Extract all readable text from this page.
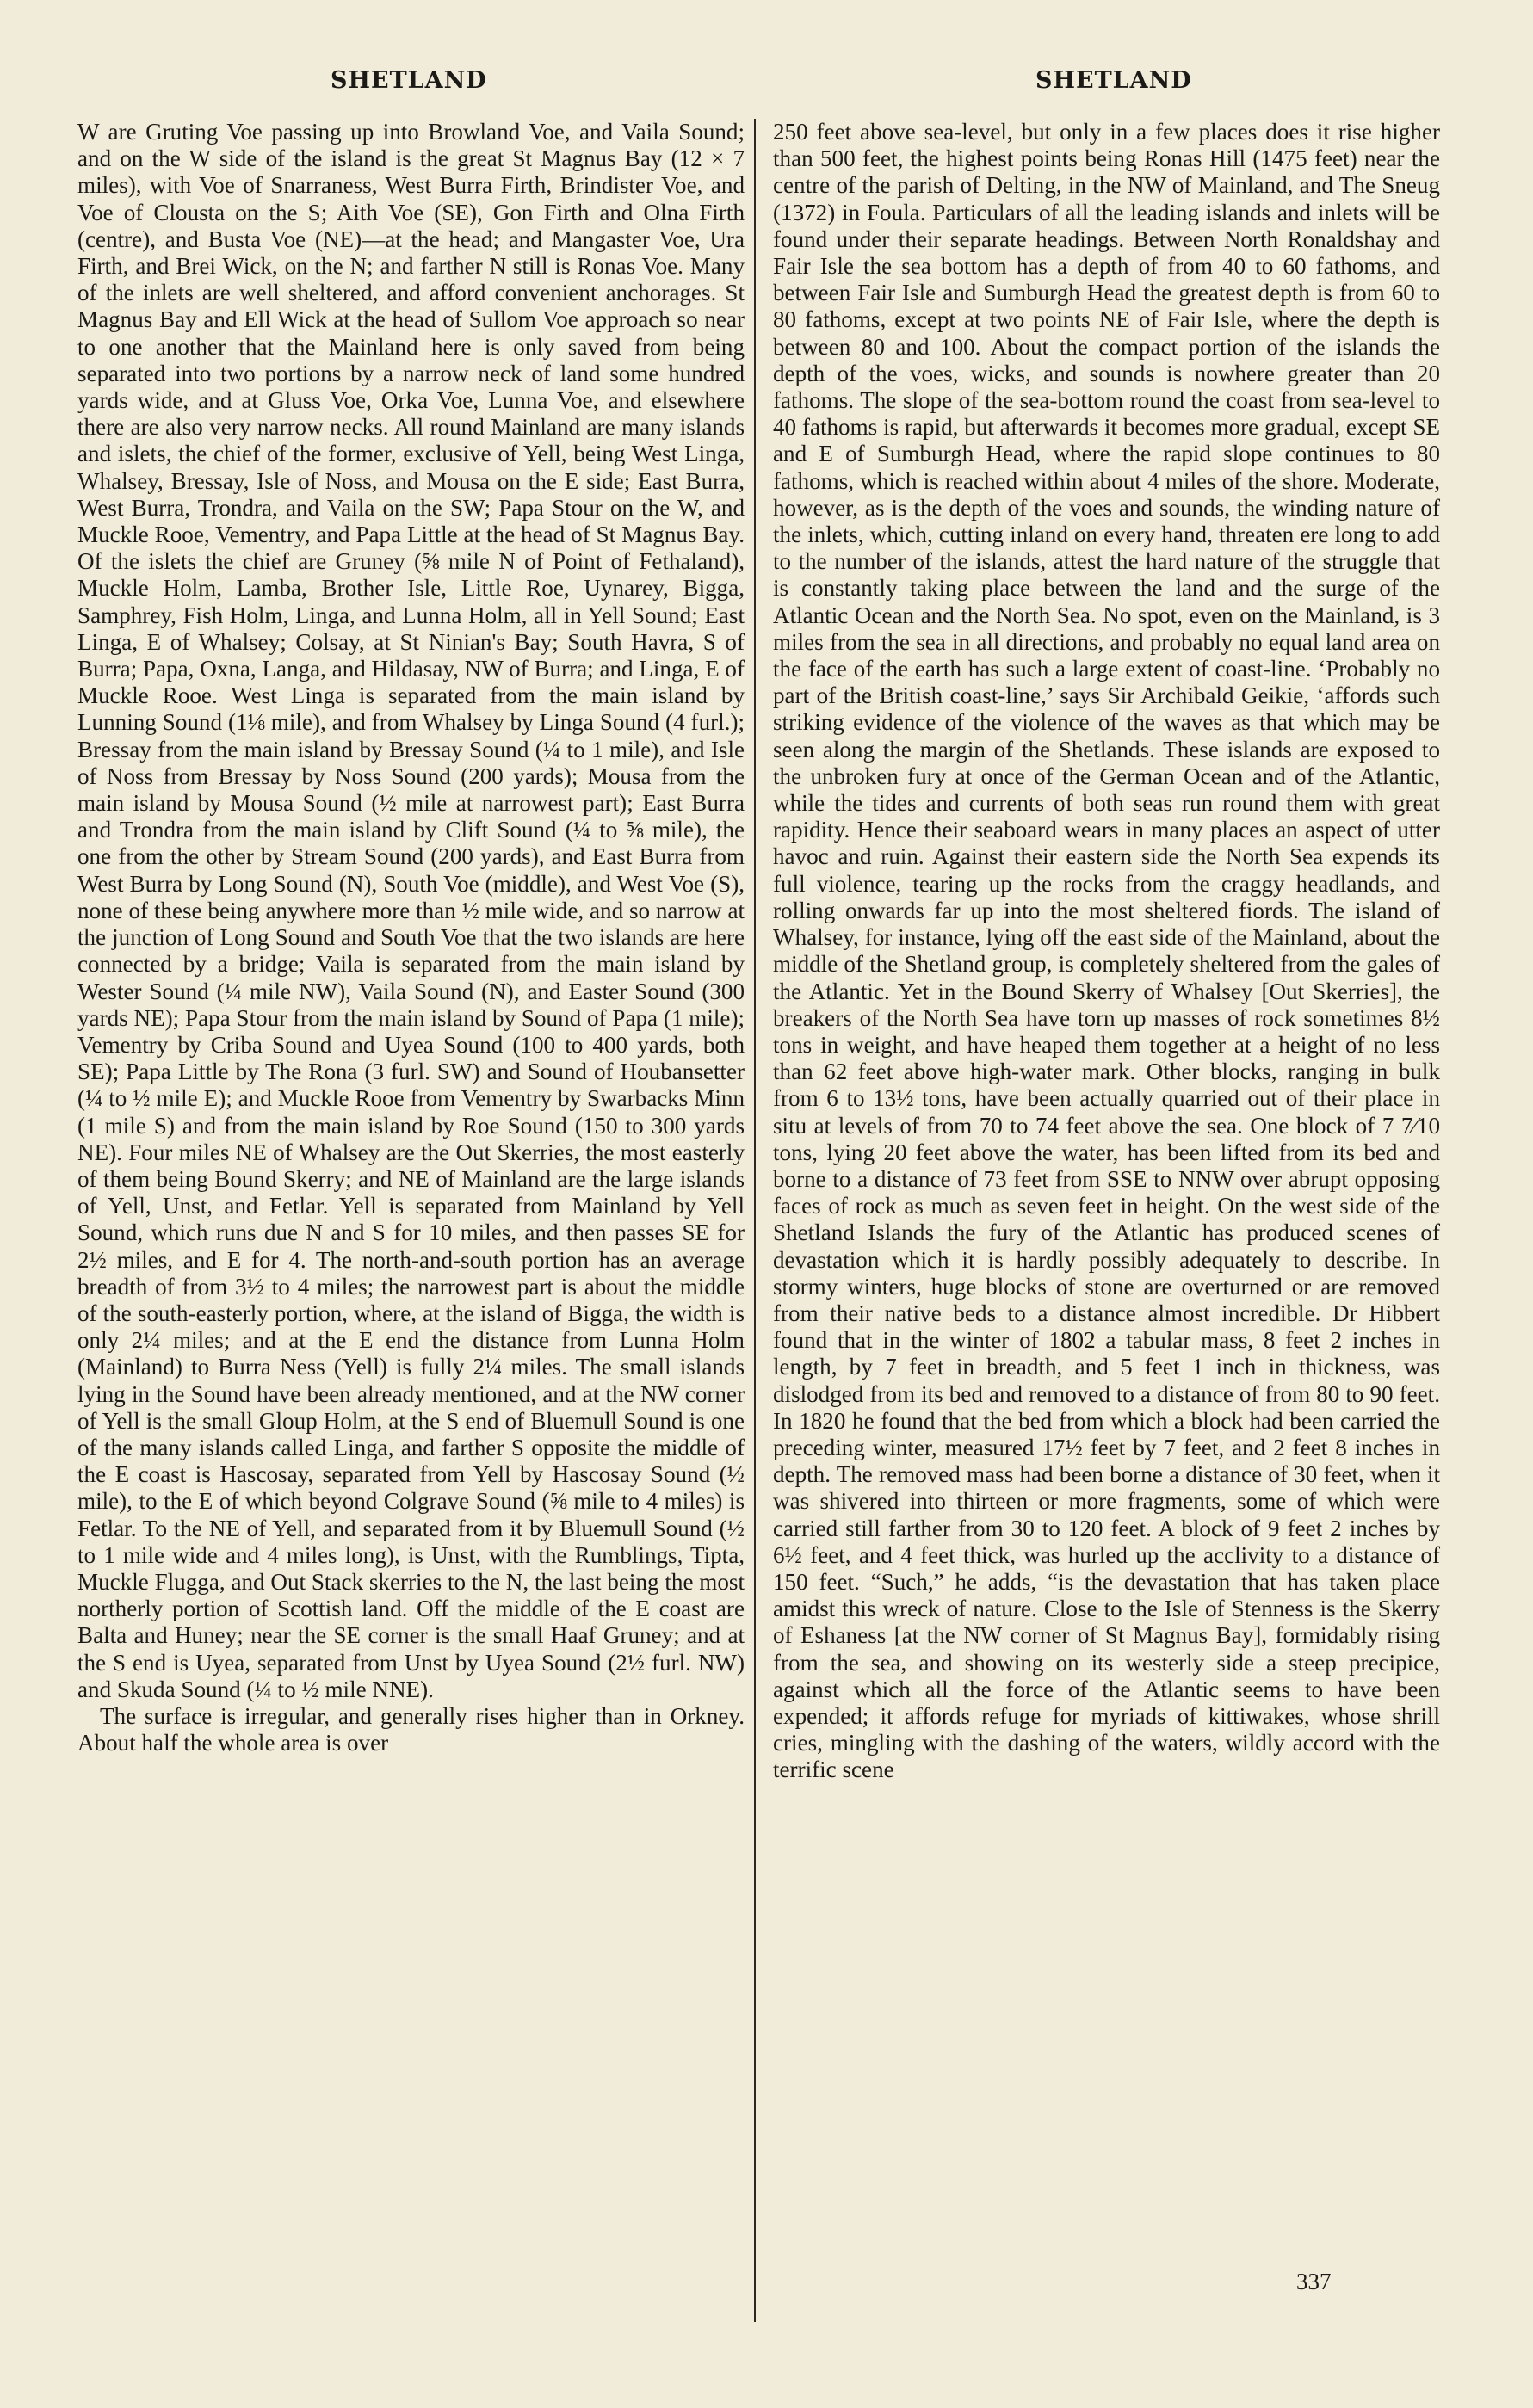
SHETLAND	SHETLAND

W are Gruting Voe passing up into Browland Voe, and Vaila Sound; and on the W side of the island is the great St Magnus Bay (12 × 7 miles), with Voe of Snarraness, West Burra Firth, Brindister Voe, and Voe of Clousta on the S; Aith Voe (SE), Gon Firth and Olna Firth (centre), and Busta Voe (NE)—at the head; and Mangaster Voe, Ura Firth, and Brei Wick, on the N; and farther N still is Ronas Voe. Many of the inlets are well sheltered, and afford convenient anchorages. St Magnus Bay and Ell Wick at the head of Sullom Voe approach so near to one another that the Mainland here is only saved from being separated into two portions by a narrow neck of land some hundred yards wide, and at Gluss Voe, Orka Voe, Lunna Voe, and elsewhere there are also very narrow necks. All round Mainland are many islands and islets, the chief of the former, exclusive of Yell, being West Linga, Whalsey, Bressay, Isle of Noss, and Mousa on the E side; East Burra, West Burra, Trondra, and Vaila on the SW; Papa Stour on the W, and Muckle Rooe, Vementry, and Papa Little at the head of St Magnus Bay. Of the islets the chief are Gruney (⅝ mile N of Point of Fethaland), Muckle Holm, Lamba, Brother Isle, Little Roe, Uynarey, Bigga, Samphrey, Fish Holm, Linga, and Lunna Holm, all in Yell Sound; East Linga, E of Whalsey; Colsay, at St Ninian's Bay; South Havra, S of Burra; Papa, Oxna, Langa, and Hildasay, NW of Burra; and Linga, E of Muckle Rooe. West Linga is separated from the main island by Lunning Sound (1⅛ mile), and from Whalsey by Linga Sound (4 furl.); Bressay from the main island by Bressay Sound (¼ to 1 mile), and Isle of Noss from Bressay by Noss Sound (200 yards); Mousa from the main island by Mousa Sound (½ mile at narrowest part); East Burra and Trondra from the main island by Clift Sound (¼ to ⅝ mile), the one from the other by Stream Sound (200 yards), and East Burra from West Burra by Long Sound (N), South Voe (middle), and West Voe (S), none of these being anywhere more than ½ mile wide, and so narrow at the junction of Long Sound and South Voe that the two islands are here connected by a bridge; Vaila is separated from the main island by Wester Sound (¼ mile NW), Vaila Sound (N), and Easter Sound (300 yards NE); Papa Stour from the main island by Sound of Papa (1 mile); Vementry by Criba Sound and Uyea Sound (100 to 400 yards, both SE); Papa Little by The Rona (3 furl. SW) and Sound of Houbansetter (¼ to ½ mile E); and Muckle Rooe from Vementry by Swarbacks Minn (1 mile S) and from the main island by Roe Sound (150 to 300 yards NE). Four miles NE of Whalsey are the Out Skerries, the most easterly of them being Bound Skerry; and NE of Mainland are the large islands of Yell, Unst, and Fetlar. Yell is separated from Mainland by Yell Sound, which runs due N and S for 10 miles, and then passes SE for 2½ miles, and E for 4. The north-and-south portion has an average breadth of from 3½ to 4 miles; the narrowest part is about the middle of the south-easterly portion, where, at the island of Bigga, the width is only 2¼ miles; and at the E end the distance from Lunna Holm (Mainland) to Burra Ness (Yell) is fully 2¼ miles. The small islands lying in the Sound have been already mentioned, and at the NW corner of Yell is the small Gloup Holm, at the S end of Bluemull Sound is one of the many islands called Linga, and farther S opposite the middle of the E coast is Hascosay, separated from Yell by Hascosay Sound (½ mile), to the E of which beyond Colgrave Sound (⅝ mile to 4 miles) is Fetlar. To the NE of Yell, and separated from it by Bluemull Sound (½ to 1 mile wide and 4 miles long), is Unst, with the Rumblings, Tipta, Muckle Flugga, and Out Stack skerries to the N, the last being the most northerly portion of Scottish land. Off the middle of the E coast are Balta and Huney; near the SE corner is the small Haaf Gruney; and at the S end is Uyea, separated from Unst by Uyea Sound (2½ furl. NW) and Skuda Sound (¼ to ½ mile NNE).

The surface is irregular, and generally rises higher than in Orkney. About half the whole area is over

250 feet above sea-level, but only in a few places does it rise higher than 500 feet, the highest points being Ronas Hill (1475 feet) near the centre of the parish of Delting, in the NW of Mainland, and The Sneug (1372) in Foula. Particulars of all the leading islands and inlets will be found under their separate headings. Between North Ronaldshay and Fair Isle the sea bottom has a depth of from 40 to 60 fathoms, and between Fair Isle and Sumburgh Head the greatest depth is from 60 to 80 fathoms, except at two points NE of Fair Isle, where the depth is between 80 and 100. About the compact portion of the islands the depth of the voes, wicks, and sounds is nowhere greater than 20 fathoms. The slope of the sea-bottom round the coast from sea-level to 40 fathoms is rapid, but afterwards it becomes more gradual, except SE and E of Sumburgh Head, where the rapid slope continues to 80 fathoms, which is reached within about 4 miles of the shore. Moderate, however, as is the depth of the voes and sounds, the winding nature of the inlets, which, cutting inland on every hand, threaten ere long to add to the number of the islands, attest the hard nature of the struggle that is constantly taking place between the land and the surge of the Atlantic Ocean and the North Sea. No spot, even on the Mainland, is 3 miles from the sea in all directions, and probably no equal land area on the face of the earth has such a large extent of coast-line. ‘Probably no part of the British coast-line,’ says Sir Archibald Geikie, ‘affords such striking evidence of the violence of the waves as that which may be seen along the margin of the Shetlands. These islands are exposed to the unbroken fury at once of the German Ocean and of the Atlantic, while the tides and currents of both seas run round them with great rapidity. Hence their seaboard wears in many places an aspect of utter havoc and ruin. Against their eastern side the North Sea expends its full violence, tearing up the rocks from the craggy headlands, and rolling onwards far up into the most sheltered fiords. The island of Whalsey, for instance, lying off the east side of the Mainland, about the middle of the Shetland group, is completely sheltered from the gales of the Atlantic. Yet in the Bound Skerry of Whalsey [Out Skerries], the breakers of the North Sea have torn up masses of rock sometimes 8½ tons in weight, and have heaped them together at a height of no less than 62 feet above high-water mark. Other blocks, ranging in bulk from 6 to 13½ tons, have been actually quarried out of their place in situ at levels of from 70 to 74 feet above the sea. One block of 7 7⁄10 tons, lying 20 feet above the water, has been lifted from its bed and borne to a distance of 73 feet from SSE to NNW over abrupt opposing faces of rock as much as seven feet in height. On the west side of the Shetland Islands the fury of the Atlantic has produced scenes of devastation which it is hardly possibly adequately to describe. In stormy winters, huge blocks of stone are overturned or are removed from their native beds to a distance almost incredible. Dr Hibbert found that in the winter of 1802 a tabular mass, 8 feet 2 inches in length, by 7 feet in breadth, and 5 feet 1 inch in thickness, was dislodged from its bed and removed to a distance of from 80 to 90 feet. In 1820 he found that the bed from which a block had been carried the preceding winter, measured 17½ feet by 7 feet, and 2 feet 8 inches in depth. The removed mass had been borne a distance of 30 feet, when it was shivered into thirteen or more fragments, some of which were carried still farther from 30 to 120 feet. A block of 9 feet 2 inches by 6½ feet, and 4 feet thick, was hurled up the acclivity to a distance of 150 feet. “Such,” he adds, “is the devastation that has taken place amidst this wreck of nature. Close to the Isle of Stenness is the Skerry of Eshaness [at the NW corner of St Magnus Bay], formidably rising from the sea, and showing on its westerly side a steep precipice, against which all the force of the Atlantic seems to have been expended; it affords refuge for myriads of kittiwakes, whose shrill cries, mingling with the dashing of the waters, wildly accord with the terrific scene

337
